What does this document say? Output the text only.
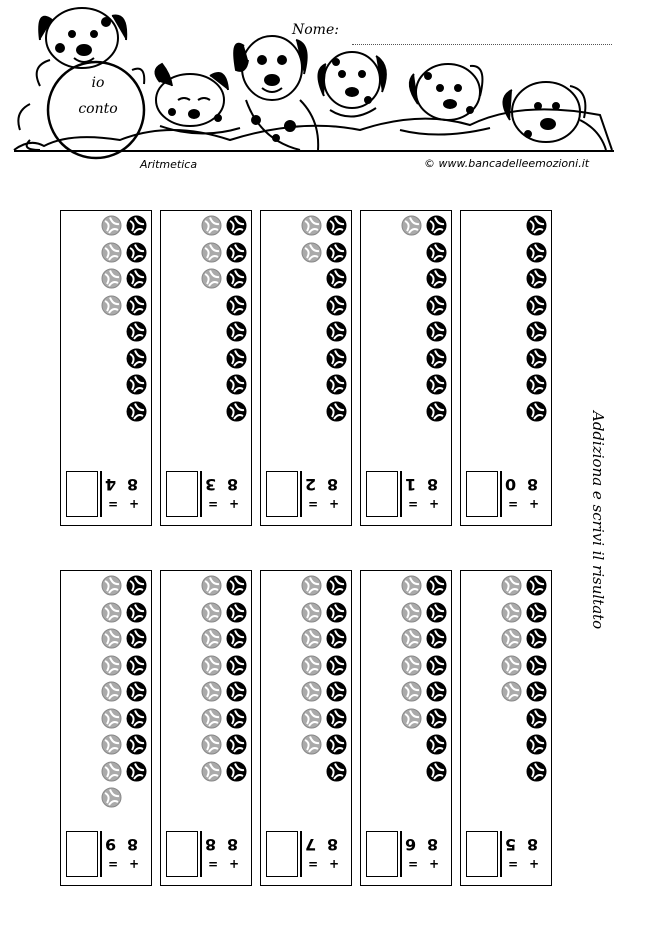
io
conto
Nome:
Aritmetica	© www.bancadelleemozioni.it
Addiziona e scrivi il risultato
8
0
+
=
8
1
+
=
8
2
+
=
8
3
+
=
8
4
+
=
8
5
+
=
8
6
+
=
8
7
+
=
8
8
+
=
8
9
+
=
